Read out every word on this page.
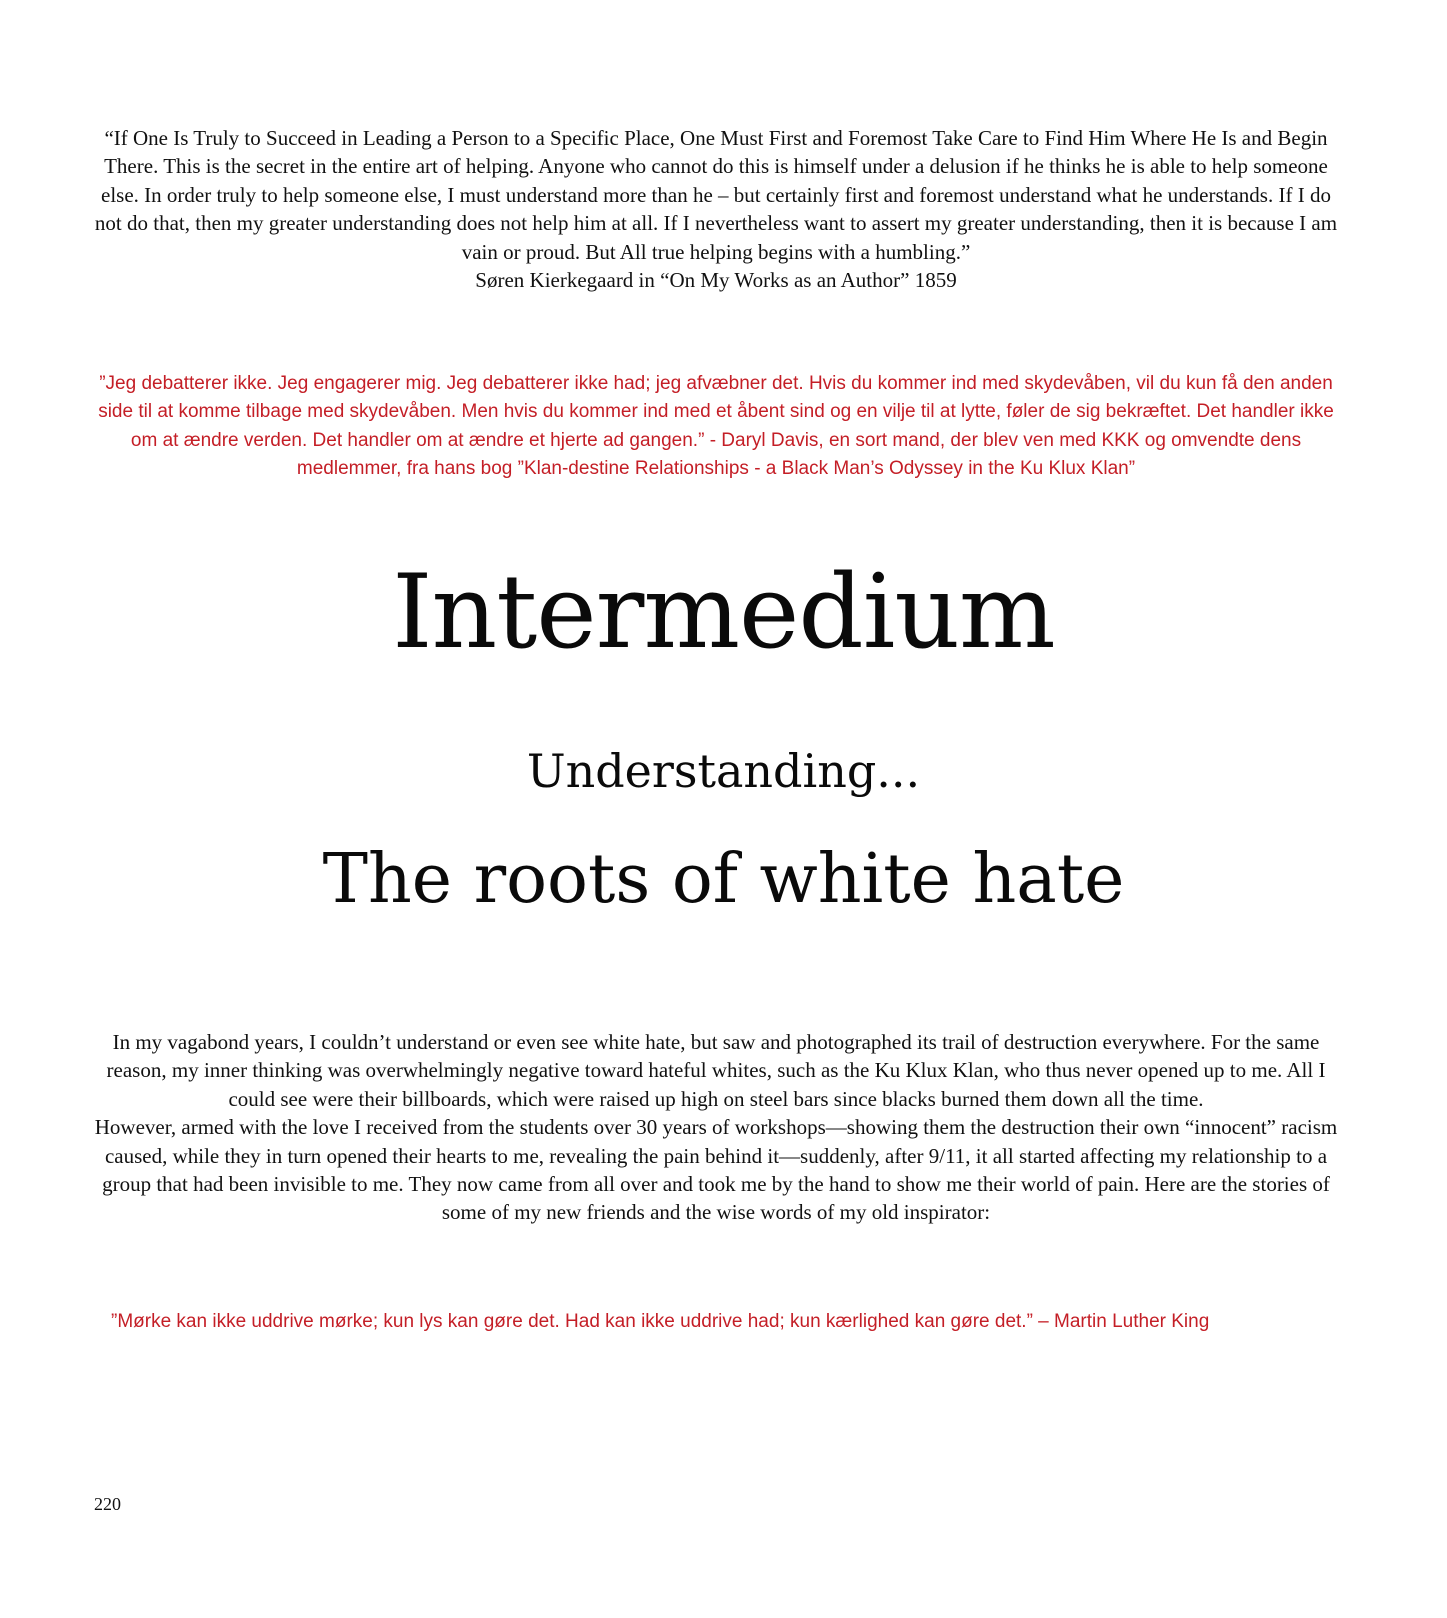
“If One Is Truly to Succeed in Leading a Person to a Specific Place, One Must First and Foremost Take Care to Find Him Where He Is and Begin There. This is the secret in the entire art of helping. Anyone who cannot do this is himself under a delusion if he thinks he is able to help someone else. In order truly to help someone else, I must understand more than he – but certainly first and foremost understand what he understands. If I do not do that, then my greater understanding does not help him at all. If I nevertheless want to assert my greater understanding, then it is because I am vain or proud. But All true helping begins with a humbling.”
Søren Kierkegaard in “On My Works as an Author” 1859
”Jeg debatterer ikke. Jeg engagerer mig. Jeg debatterer ikke had; jeg afvæbner det. Hvis du kommer ind med skydevåben, vil du kun få den anden side til at komme tilbage med skydevåben. Men hvis du kommer ind med et åbent sind og en vilje til at lytte, føler de sig bekræftet. Det handler ikke om at ændre verden. Det handler om at ændre et hjerte ad gangen.” - Daryl Davis, en sort mand, der blev ven med KKK og omvendte dens medlemmer, fra hans bog ”Klan-destine Relationships - a Black Man’s Odyssey in the Ku Klux Klan”
Intermedium
Understanding...
The roots of white hate

In my vagabond years, I couldn’t understand or even see white hate, but saw and photographed its trail of destruction everywhere. For the same reason, my inner thinking was overwhelmingly negative toward hateful whites, such as the Ku Klux Klan, who thus never opened up to me. All I could see were their billboards, which were raised up high on steel bars since blacks burned them down all the time.

However, armed with the love I received from the students over 30 years of workshops—showing them the destruction their own “innocent” racism caused, while they in turn opened their hearts to me, revealing the pain behind it—suddenly, after 9/11, it all started affecting my relationship to a group that had been invisible to me. They now came from all over and took me by the hand to show me their world of pain. Here are the stories of some of my new friends and the wise words of my old inspirator:

”Mørke kan ikke uddrive mørke; kun lys kan gøre det. Had kan ikke uddrive had; kun kærlighed kan gøre det.” – Martin Luther King
220
